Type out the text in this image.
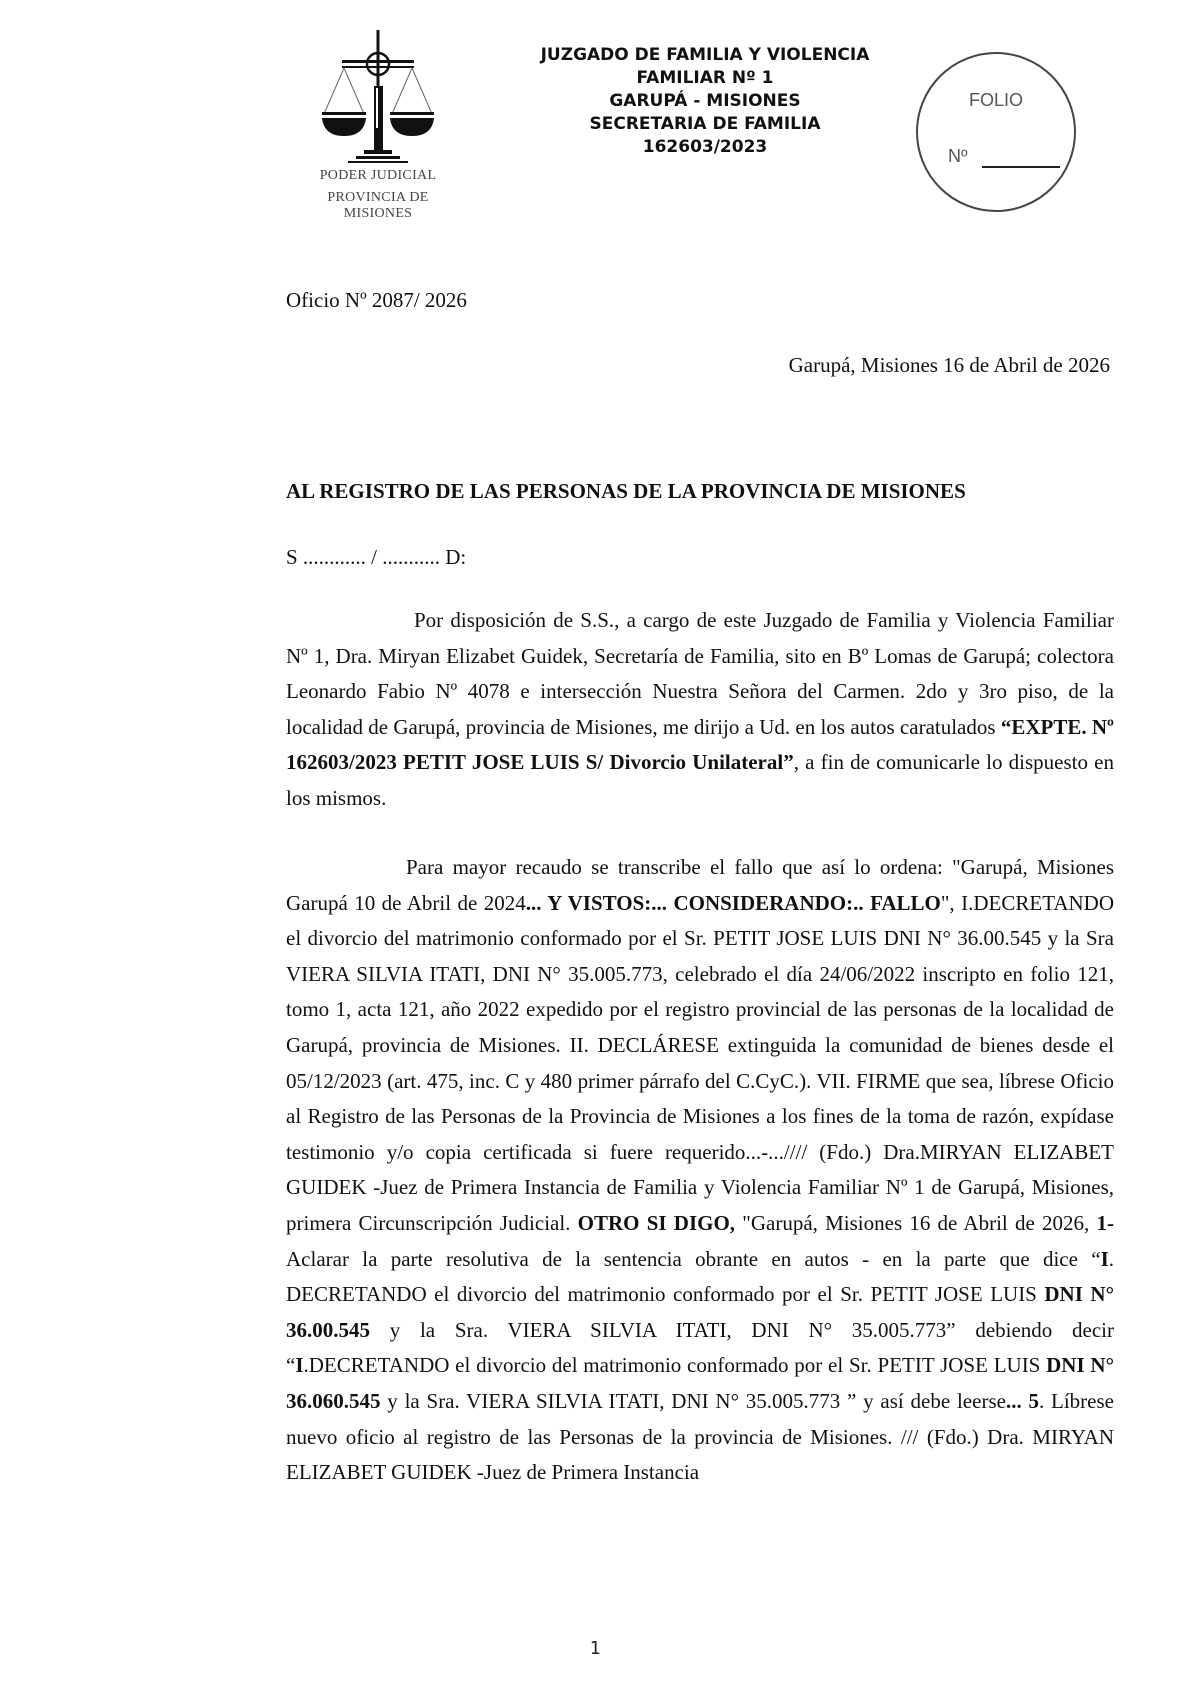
PODER JUDICIAL
PROVINCIA DE MISIONES
JUZGADO DE FAMILIA Y VIOLENCIA
FAMILIAR Nº 1
GARUPÁ - MISIONES
SECRETARIA DE FAMILIA
162603/2023
FOLIO
Nº
Oficio Nº 2087/ 2026
Garupá, Misiones 16 de Abril de 2026
AL REGISTRO DE LAS PERSONAS DE LA PROVINCIA DE MISIONES
S ............ / ........... D:
Por disposición de S.S., a cargo de este Juzgado de Familia y Violencia Familiar Nº 1, Dra. Miryan Elizabet Guidek, Secretaría de Familia, sito en Bº Lomas de Garupá; colectora Leonardo Fabio Nº 4078 e intersección Nuestra Señora del Carmen. 2do y 3ro piso, de la localidad de Garupá, provincia de Misiones, me dirijo a Ud. en los autos caratulados “EXPTE. Nº 162603/2023 PETIT JOSE LUIS S/ Divorcio Unilateral”, a fin de comunicarle lo dispuesto en los mismos.
Para mayor recaudo se transcribe el fallo que así lo ordena: "Garupá, Misiones Garupá 10 de Abril de 2024... Y VISTOS:... CONSIDERANDO:.. FALLO", I.DECRETANDO el divorcio del matrimonio conformado por el Sr. PETIT JOSE LUIS DNI N° 36.00.545 y la Sra VIERA SILVIA ITATI, DNI N° 35.005.773, celebrado el día 24/06/2022 inscripto en folio 121, tomo 1, acta 121, año 2022 expedido por el registro provincial de las personas de la localidad de Garupá, provincia de Misiones. II. DECLÁRESE extinguida la comunidad de bienes desde el 05/12/2023 (art. 475, inc. C y 480 primer párrafo del C.CyC.). VII. FIRME que sea, líbrese Oficio al Registro de las Personas de la Provincia de Misiones a los fines de la toma de razón, expídase testimonio y/o copia certificada si fuere requerido...-...//// (Fdo.) Dra.MIRYAN ELIZABET GUIDEK -Juez de Primera Instancia de Familia y Violencia Familiar Nº 1 de Garupá, Misiones, primera Circunscripción Judicial. OTRO SI DIGO, "Garupá, Misiones 16 de Abril de 2026, 1-Aclarar la parte resolutiva de la sentencia obrante en autos - en la parte que dice “I. DECRETANDO el divorcio del matrimonio conformado por el Sr. PETIT JOSE LUIS DNI N° 36.00.545 y la Sra. VIERA SILVIA ITATI, DNI N° 35.005.773” debiendo decir “I.DECRETANDO el divorcio del matrimonio conformado por el Sr. PETIT JOSE LUIS DNI N° 36.060.545 y la Sra. VIERA SILVIA ITATI, DNI N° 35.005.773 ” y así debe leerse... 5. Líbrese nuevo oficio al registro de las Personas de la provincia de Misiones. /// (Fdo.) Dra. MIRYAN ELIZABET GUIDEK -Juez de Primera Instancia
1
